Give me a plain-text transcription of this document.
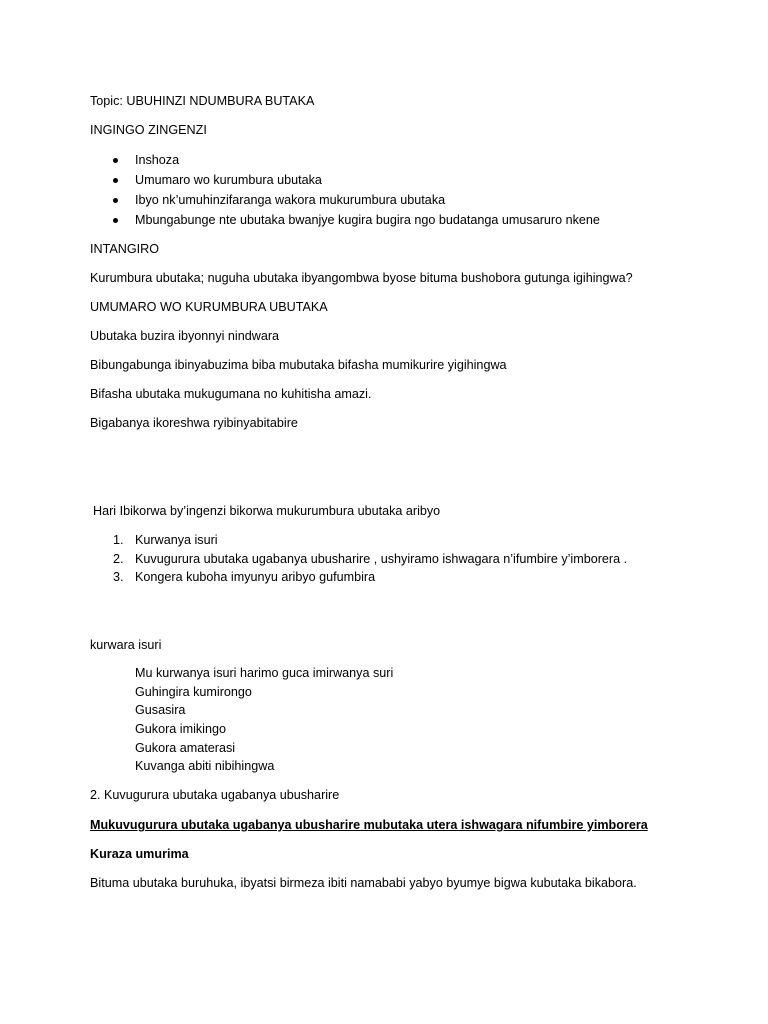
Topic: UBUHINZI NDUMBURA BUTAKA
INGINGO ZINGENZI
Inshoza
Umumaro wo kurumbura ubutaka
Ibyo nk’umuhinzifaranga wakora mukurumbura ubutaka
Mbungabunge nte ubutaka bwanjye kugira bugira ngo budatanga umusaruro nkene
INTANGIRO
Kurumbura ubutaka; nuguha ubutaka ibyangombwa byose bituma bushobora gutunga igihingwa?
UMUMARO WO KURUMBURA UBUTAKA
Ubutaka buzira ibyonnyi nindwara
Bibungabunga ibinyabuzima biba mubutaka bifasha mumikurire yigihingwa
Bifasha ubutaka mukugumana no kuhitisha amazi.
Bigabanya ikoreshwa ryibinyabitabire
Hari Ibikorwa by’ingenzi bikorwa mukurumbura ubutaka aribyo
1. Kurwanya isuri
2. Kuvugurura ubutaka ugabanya ubusharire , ushyiramo ishwagara n’ifumbire y’imborera .
3. Kongera kuboha imyunyu aribyo gufumbira
kurwara isuri
Mu kurwanya isuri harimo guca imirwanya suri
Guhingira kumirongo
Gusasira
Gukora imikingo
Gukora amaterasi
Kuvanga abiti nibihingwa
2. Kuvugurura ubutaka ugabanya ubusharire
Mukuvugurura ubutaka ugabanya ubusharire mubutaka utera ishwagara nifumbire yimborera
Kuraza umurima
Bituma ubutaka buruhuka, ibyatsi birmeza ibiti namababi yabyo byumye bigwa kubutaka bikabora.
